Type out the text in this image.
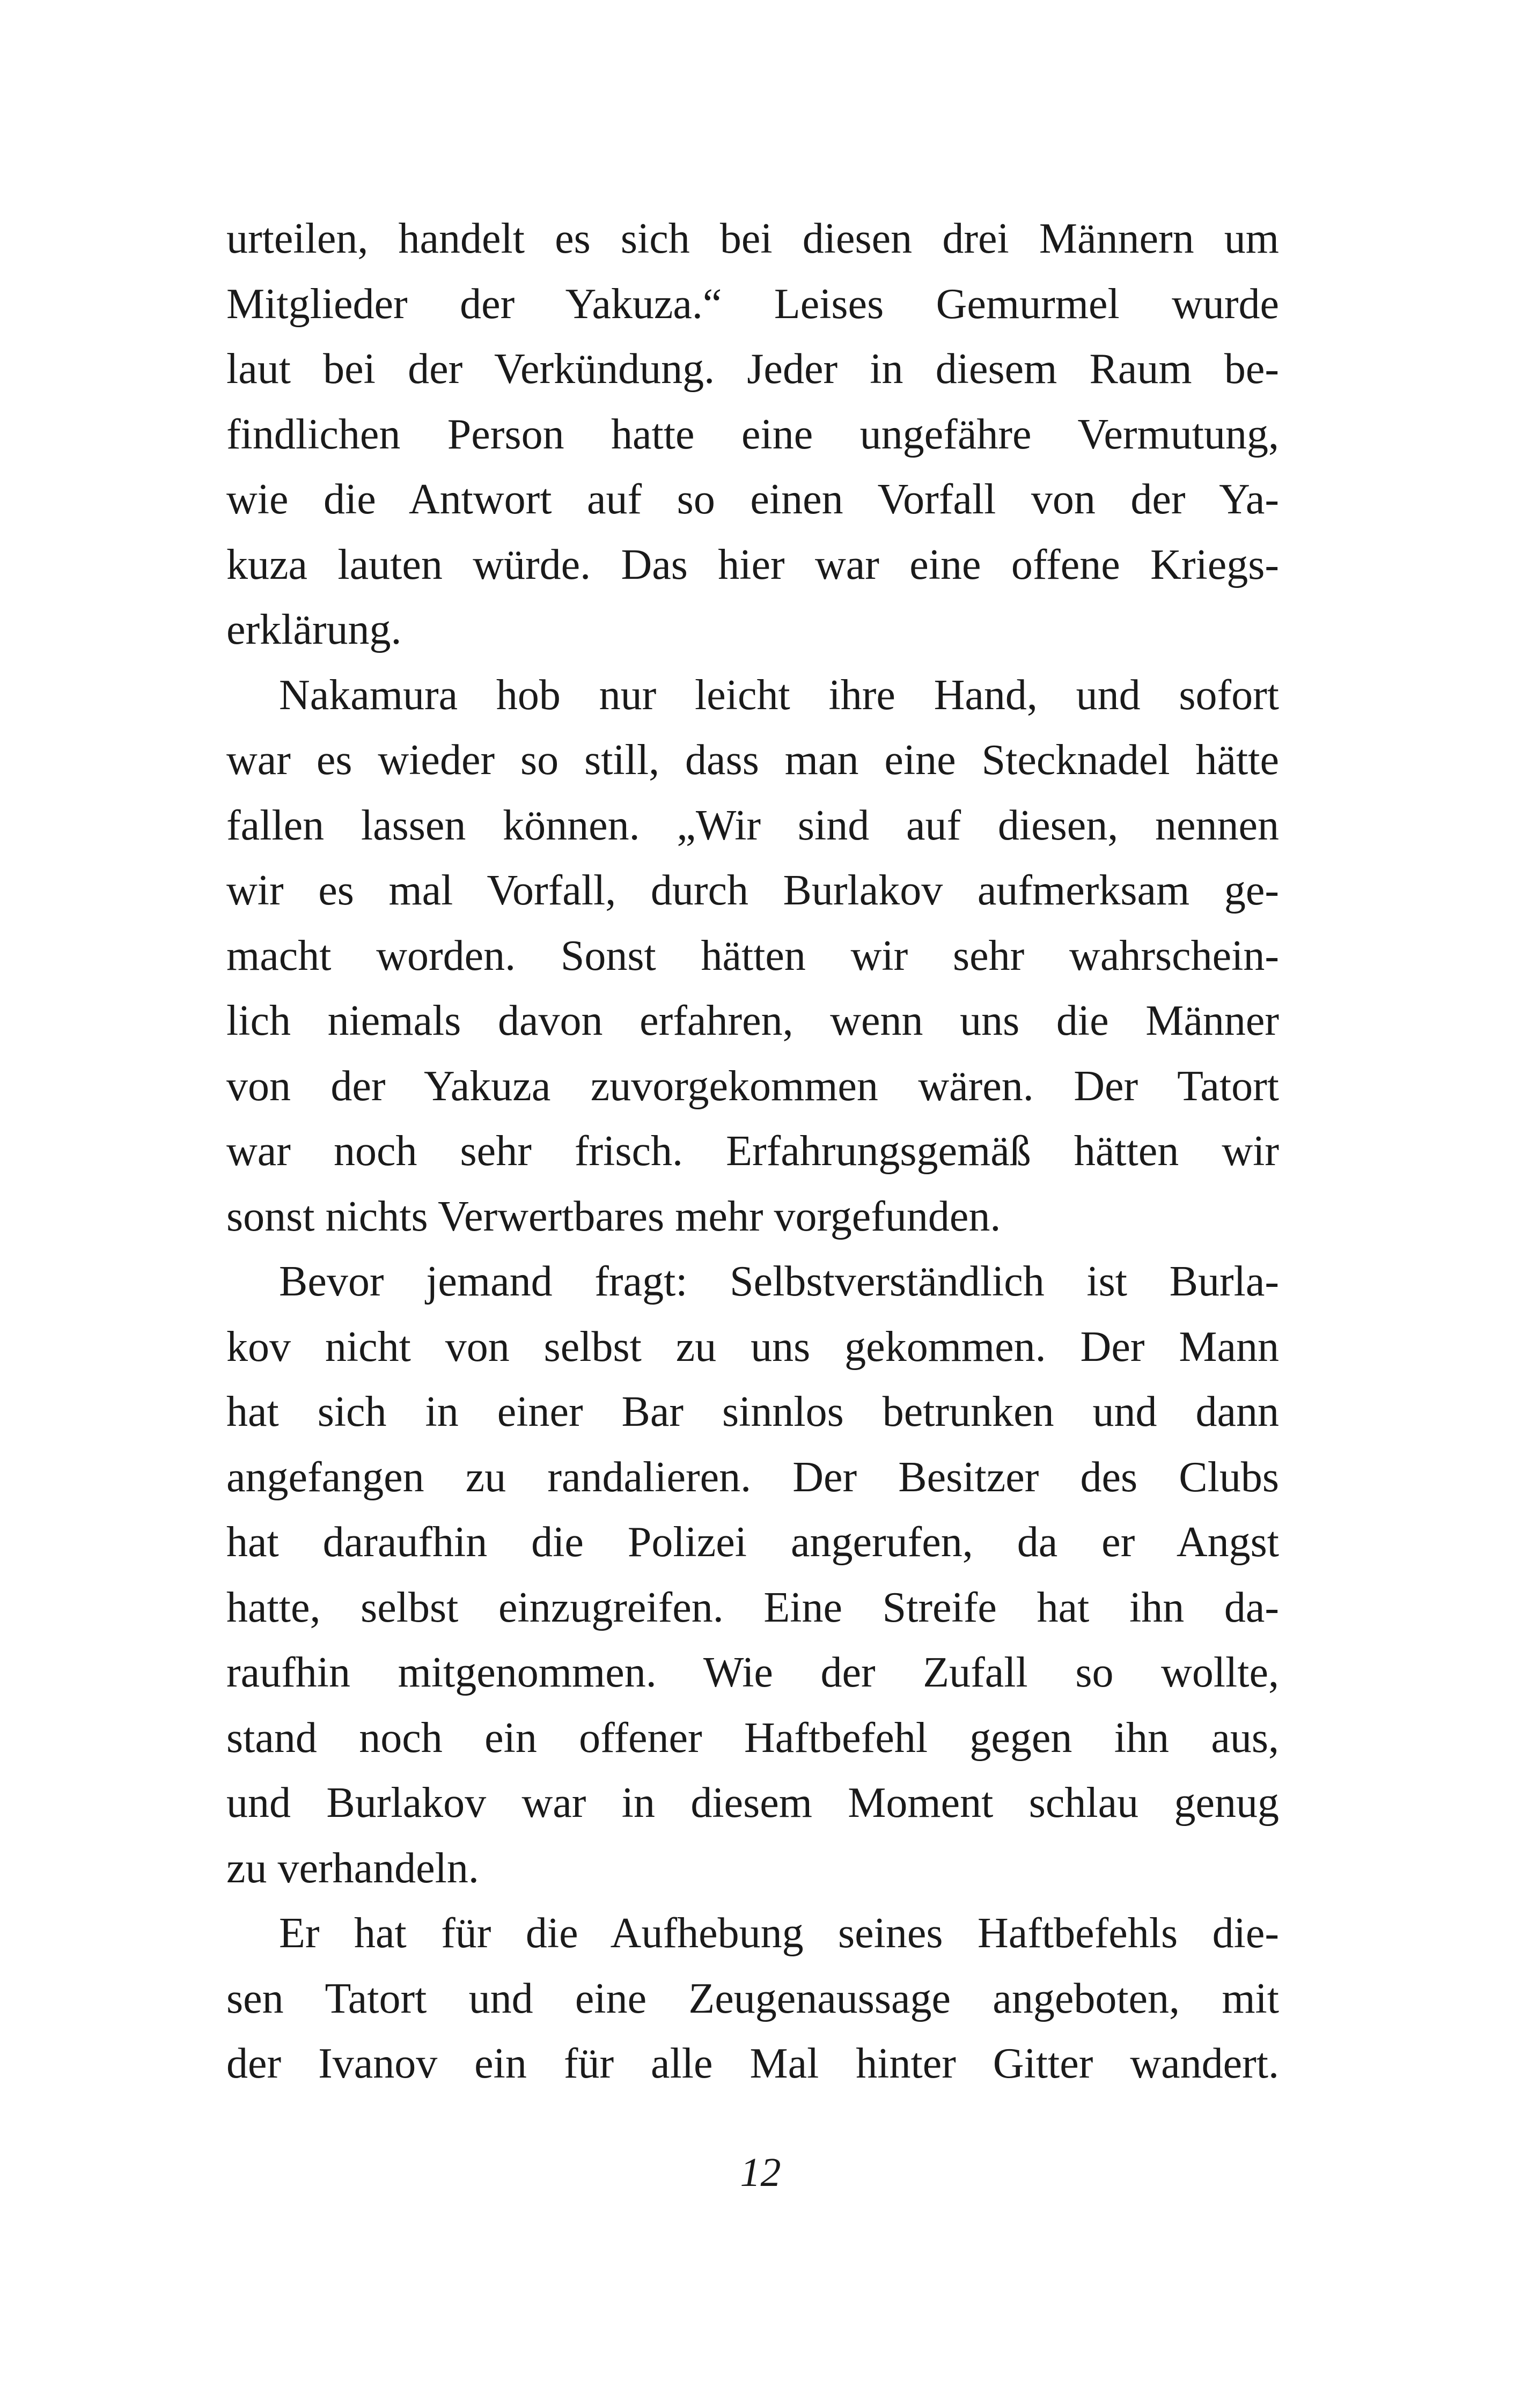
urteilen, handelt es sich bei diesen drei Männern um
Mitglieder der Yakuza.“ Leises Gemurmel wurde
laut bei der Verkündung. Jeder in diesem Raum be-
findlichen Person hatte eine ungefähre Vermutung,
wie die Antwort auf so einen Vorfall von der Ya-
kuza lauten würde. Das hier war eine offene Kriegs-
erklärung.
Nakamura hob nur leicht ihre Hand, und sofort
war es wieder so still, dass man eine Stecknadel hätte
fallen lassen können. „Wir sind auf diesen, nennen
wir es mal Vorfall, durch Burlakov aufmerksam ge-
macht worden. Sonst hätten wir sehr wahrschein-
lich niemals davon erfahren, wenn uns die Männer
von der Yakuza zuvorgekommen wären. Der Tatort
war noch sehr frisch. Erfahrungsgemäß hätten wir
sonst nichts Verwertbares mehr vorgefunden.
Bevor jemand fragt: Selbstverständlich ist Burla-
kov nicht von selbst zu uns gekommen. Der Mann
hat sich in einer Bar sinnlos betrunken und dann
angefangen zu randalieren. Der Besitzer des Clubs
hat daraufhin die Polizei angerufen, da er Angst
hatte, selbst einzugreifen. Eine Streife hat ihn da-
raufhin mitgenommen. Wie der Zufall so wollte,
stand noch ein offener Haftbefehl gegen ihn aus,
und Burlakov war in diesem Moment schlau genug
zu verhandeln.
Er hat für die Aufhebung seines Haftbefehls die-
sen Tatort und eine Zeugenaussage angeboten, mit
der Ivanov ein für alle Mal hinter Gitter wandert.
12
